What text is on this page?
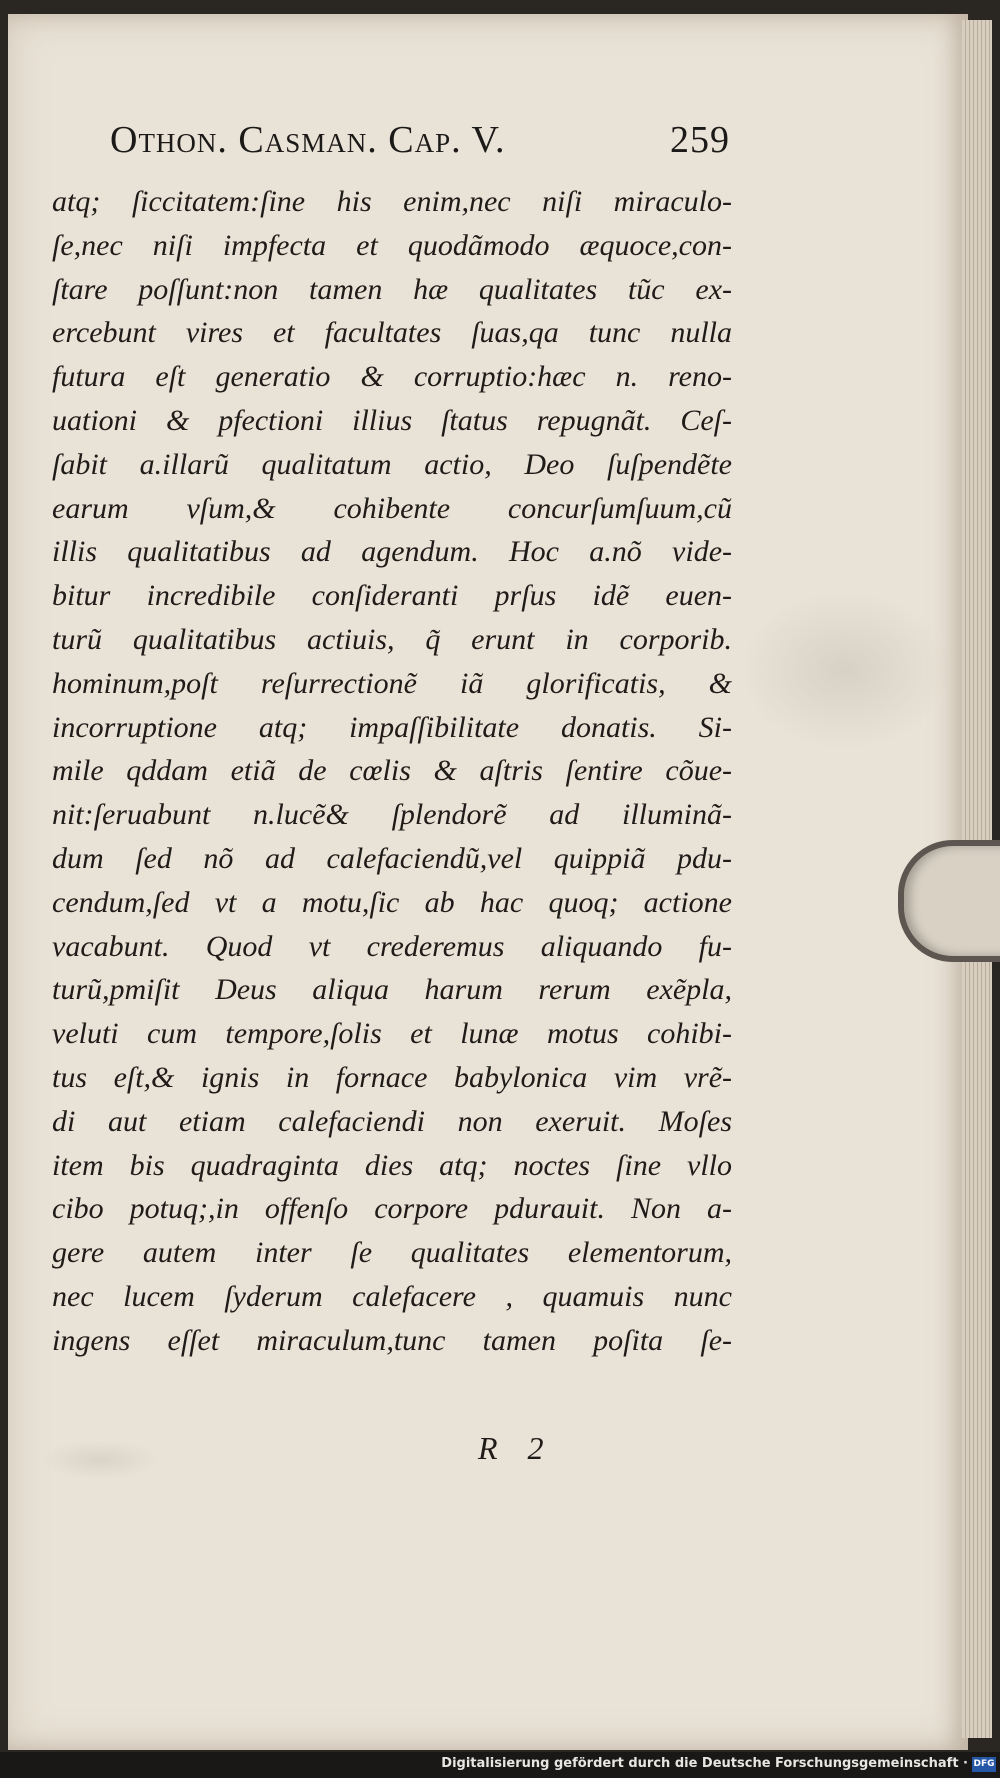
Othon. Casman. Cap. V.	259
atq; ſiccitatem:ſine his enim,nec niſi miraculo-
ſe,nec niſi impfecta et quodãmodo æquoce,con-
ſtare poſſunt:non tamen hæ qualitates tũc ex-
ercebunt vires et facultates ſuas,qa tunc nulla
futura eſt generatio & corruptio:hæc n. reno-
uationi & pfectioni illius ſtatus repugnãt. Ceſ-
ſabit a.illarũ qualitatum actio, Deo ſuſpendẽte
earum vſum,& cohibente concurſumſuum,cũ
illis qualitatibus ad agendum. Hoc a.nõ vide-
bitur incredibile conſideranti prſus idẽ euen-
turũ qualitatibus actiuis, q̃ erunt in corporib.
hominum,poſt reſurrectionẽ iã glorificatis, &
incorruptione atq; impaſſibilitate donatis. Si-
mile qddam etiã de cœlis & aſtris ſentire cõue-
nit:ſeruabunt n.lucẽ& ſplendorẽ ad illuminã-
dum ſed nõ ad calefaciendũ,vel quippiã pdu-
cendum,ſed vt a motu,ſic ab hac quoq; actione
vacabunt. Quod vt crederemus aliquando fu-
turũ,pmiſit Deus aliqua harum rerum exẽpla,
veluti cum tempore,ſolis et lunæ motus cohibi-
tus eſt,& ignis in fornace babylonica vim vrẽ-
di aut etiam calefaciendi non exeruit. Moſes
item bis quadraginta dies atq; noctes ſine vllo
cibo potuq;,in offenſo corpore pdurauit. Non a-
gere autem inter ſe qualitates elementorum,
nec lucem ſyderum calefacere , quamuis nunc
ingens eſſet miraculum,tunc tamen poſita ſe-
R 2
Digitalisierung gefördert durch die Deutsche Forschungsgemeinschaft · DFG
